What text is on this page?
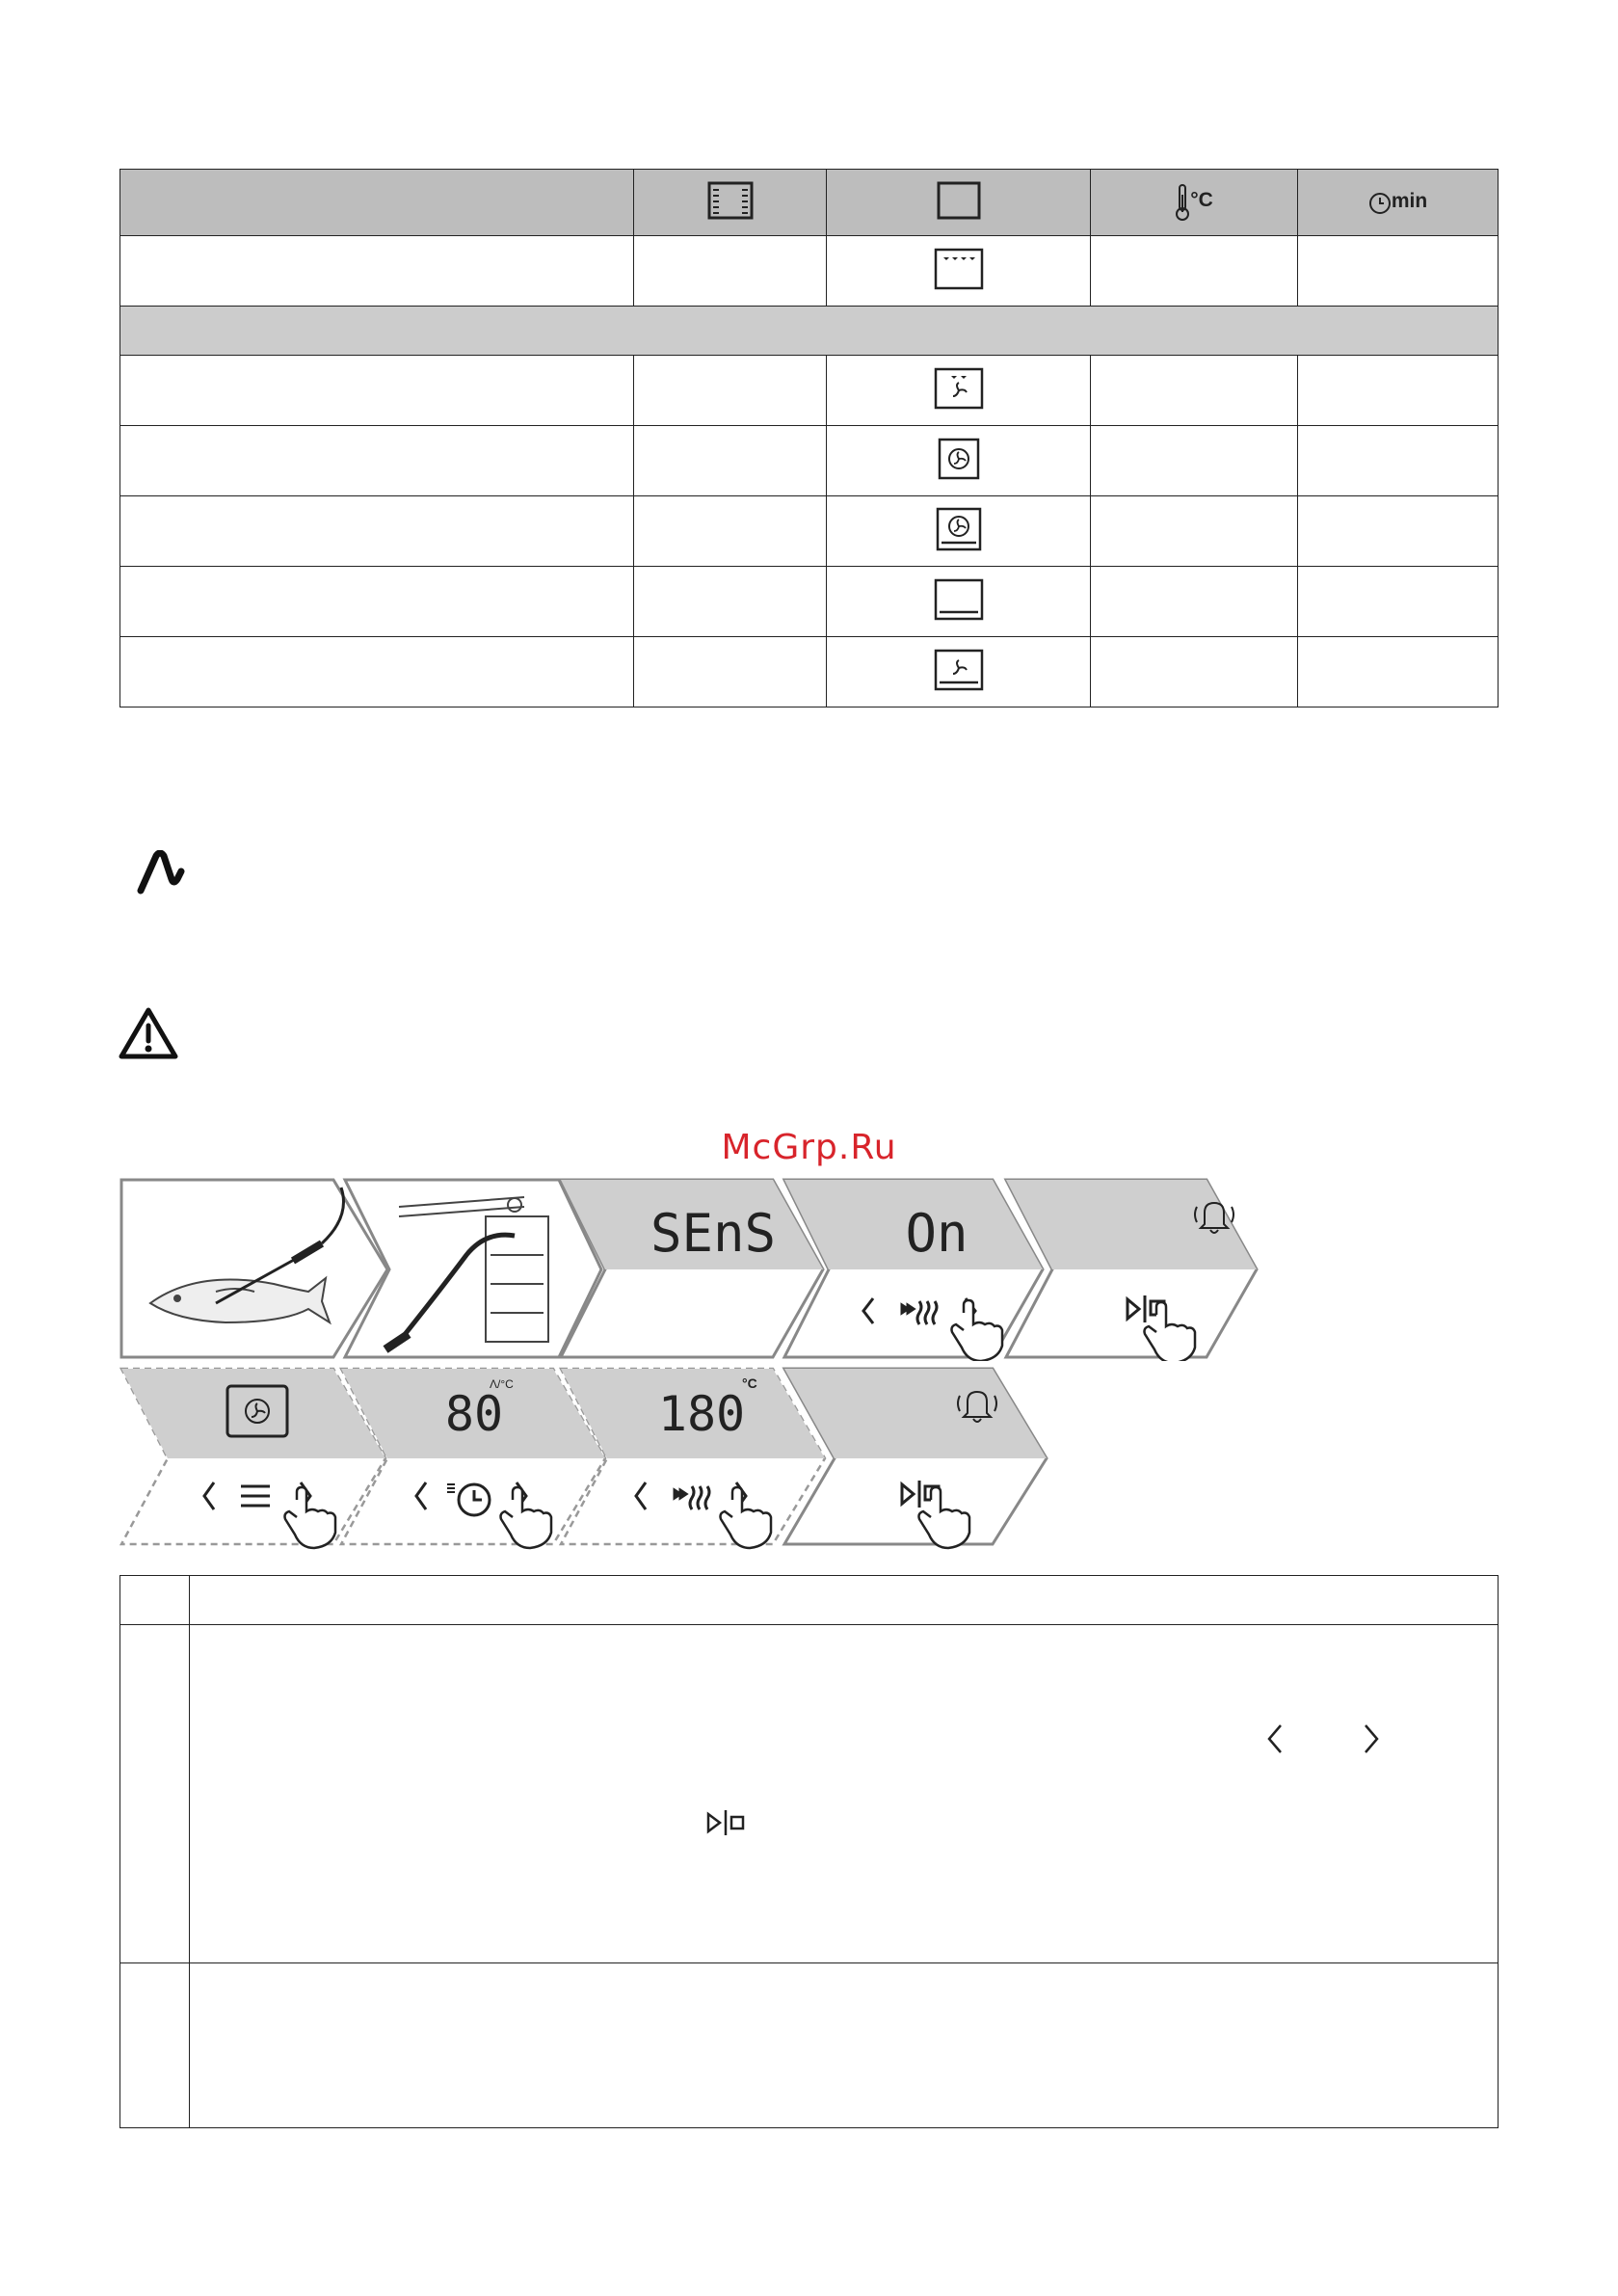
			°C	min

McGrp.Ru
SEnS On
80
Λ/°C
180
°C
